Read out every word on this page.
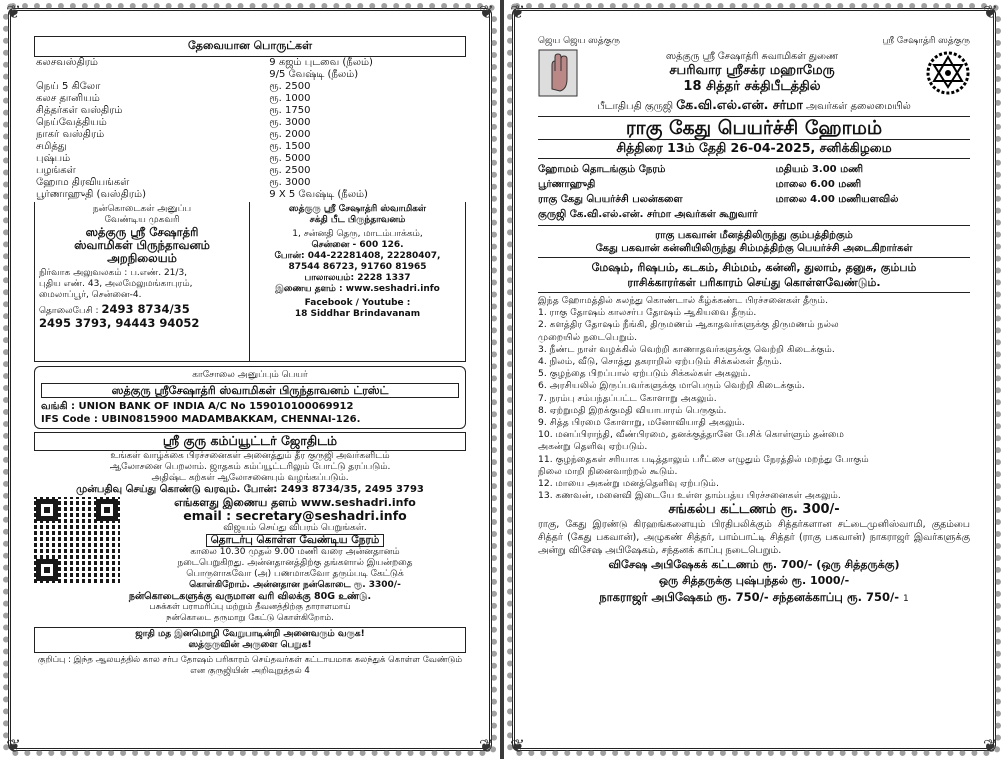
❦	❦
❦	❦
தேவையான பொருட்கள்
கலசவஸ்திரம்	9 கஜம் புடவை (நீலம்)
	9/5 வேஷ்டி (நீலம்)
நெய் 5 கிலோ	ரூ. 2500
கலச தானியம்	ரூ. 1000
சித்தர்கள் வஸ்திரம்	ரூ. 1750
நெய்வேத்தியம்	ரூ. 3000
நாகர் வஸ்திரம்	ரூ. 2000
சமித்து	ரூ. 1500
புஷ்பம்	ரூ. 5000
பழங்கள்	ரூ. 2500
ஹோம திரவியங்கள்	ரூ. 3000
பூர்ணாஹுதி (வஸ்திரம்)	9 X 5 வேஷ்டி (நீலம்)
நன்கொடைகள் அனுப்ப
வேண்டிய முகவரி
ஸத்குரு ஸ்ரீ சேஷாத்ரி
ஸ்வாமிகள் பிருந்தாவனம்
அறநிலையம்
நிர்வாக அலுவலகம் : ப.எண். 21/3,
புதிய எண். 43, அலமேலுமங்காபுரம்,
மைலாப்பூர், சென்னை-4.
தொலைபேசி : 2493 8734/35
2495 3793, 94443 94052
ஸத்குரு ஸ்ரீ சேஷாத்ரி ஸ்வாமிகள்
சக்தி பீட பிருந்தாவனம்
1, சன்னதி தெரு, மாடம்பாக்கம்,
சென்னை - 600 126.
போன்: 044-22281408, 22280407,
87544 86723, 91760 81965
பாலாலயம்: 2228 1337
இணைய தளம் : www.seshadri.info
Facebook / Youtube :
18 Siddhar Brindavanam
காசோலை அனுப்பும் பெயர்
ஸத்குரு ஸ்ரீசேஷாத்ரி ஸ்வாமிகள் பிருந்தாவனம் ட்ரஸ்ட்
வங்கி : UNION BANK OF INDIA A/C No 159010100069912
IFS Code : UBIN0815900 MADAMBAKKAM, CHENNAI-126.
ஸ்ரீ குரு கம்ப்யூட்டர் ஜோதிடம்
உங்கள் வாழ்க்கை பிரச்சனைகள் அனைத்தும் தீர குருஜி அவர்களிடம்
ஆலோசனை பெறலாம். ஜாதகம் கம்ப்யூட்டரிலும் போட்டு தரப்படும்.
அதிஷ்ட கற்கள் ஆலோசனையும் வழங்கப்படும்.
முன்பதிவு செய்து கொண்டு வரவும். போன்: 2493 8734/35, 2495 3793
எங்களது இணைய தளம் www.seshadri.info
email : secretary@seshadri.info
விஜயம் செய்து விபரம் பெறுங்கள்.
தொடர்பு கொள்ள வேண்டிய நேரம்
காலை 10.30 முதல் 9.00 மணி வரை அன்னதானம்
நடைபெறுகிறது. அன்னதானத்திற்கு தங்களால் இயன்றதை
பொருளாகவோ (அ) பணமாகவோ தரும்படி கேட்டுக்
கொள்கிறோம். அன்னதான நன்கொடை ரூ. 3300/-
நன்கொடைகளுக்கு வருமான வரி விலக்கு 80G உண்டு.
பசுக்கள் பராமரிப்பு மற்றும் தீவனத்திற்கு தாராளமாய்
நன்கொடை தருமாறு கேட்டு கொள்கிறோம்.
ஜாதி மத இனமொழி வேறுபாடின்றி அனைவரும் வருக!
ஸத்குருவின் அருளை பெறுக!
குறிப்பு : இந்த ஆலயத்தில் கால சர்ப தோஷம் பரிகாரம் செய்தவர்கள் கட்டாயமாக கலந்துக் கொள்ள வேண்டும் என குருஜியின் அறிவுறுத்தல் 4
❦	❦
❦	❦
ஜெய ஜெய ஸத்குரு	ஸ்ரீ சேஷாத்ரி ஸத்குரு
ஸத்குரு ஸ்ரீ சேஷாத்ரி சுவாமிகள் துணை
சபரிவார ஸ்ரீசக்ர மஹாமேரு
18 சித்தர் சக்திபீடத்தில்
பீடாதிபதி குருஜி கே.வி.எல்.என். சர்மா அவர்கள் தலைமையில்
ராகு கேது பெயர்ச்சி ஹோமம்
சித்திரை 13ம் தேதி 26-04-2025, சனிக்கிழமை
ஹோமம் தொடங்கும் நேரம்	மதியம் 3.00 மணி
பூர்ணாஹுதி	மாலை 6.00 மணி
ராகு கேது பெயர்ச்சி பலன்களை	மாலை 4.00 மணியளவில்
குருஜி கே.வி.எல்.என். சர்மா அவர்கள் கூறுவார்
ராகு பகவான் மீனத்திலிருந்து கும்பத்திற்கும்
கேது பகவான் கன்னியிலிருந்து சிம்மத்திற்கு பெயர்ச்சி அடைகிறார்கள்
மேஷம், ரிஷபம், கடகம், சிம்மம், கன்னி, துலாம், தனுசு, கும்பம்
ராசிக்காரர்கள் பரிகாரம் செய்து கொள்ளவேண்டும்.
இந்த ஹோமத்தில் கலந்து கொண்டால் கீழ்க்கண்ட பிரச்சனைகள் தீரும்.
1. ராகு தோஷம் காலசர்ப தோஷம் ஆகியவை தீரும்.
2. களத்திர தோஷம் நீங்கி, திருமணம் ஆகாதவர்களுக்கு திருமணம் நல்ல
முறையில் நடைபெறும்.
3. நீண்ட நாள் வழக்கில் வெற்றி காணாதவர்களுக்கு வெற்றி கிடைக்கும்.
4. நிலம், வீடு, சொத்து தகராறில் ஏற்படும் சிக்கல்கள் தீரும்.
5. குழந்தை பிறப்பால் ஏற்படும் சிக்கல்கள் அகலும்.
6. அரசியலில் இருப்பவர்களுக்கு மாபெரும் வெற்றி கிடைக்கும்.
7. நரம்பு சம்பந்தப்பட்ட கோளாறு அகலும்.
8. ஏற்றுமதி இறக்குமதி வியாபாரம் பெருகும்.
9. சித்த பிரமை கோளாறு, மனோவியாதி அகலும்.
10. மனப்பிராந்தி, வீண்பிரமை, தனக்குத்தானே பேசிக் கொள்ளும் தன்மை
அகன்று தெளிவு ஏற்படும்.
11. குழந்தைகள் சரியாக படித்தாலும் பரீட்சை எழுதும் நேரத்தில் மறந்து போகும்
நிலை மாறி நினைவாற்றல் கூடும்.
12. மாயை அகன்று மனத்தெளிவு ஏற்படும்.
13. கணவன், மனைவி இடையே உள்ள தாம்பத்ய பிரச்சனைகள் அகலும்.
சங்கல்ப கட்டணம் ரூ. 300/-
ராகு, கேது இரண்டு கிரஹங்களையும் பிரதிபலிக்கும் சித்தர்களான சட்டைமுனிஸ்வாமி, குதம்பை சித்தர் (கேது பகவான்), அழுகண் சித்தர், பாம்பாட்டி சித்தர் (ராகு பகவான்) நாகராஜர் இவர்களுக்கு அன்று விசேஷ அபிஷேகம், சந்தனக் காப்பு நடைபெறும்.
விசேஷ அபிஷேகக் கட்டணம் ரூ. 700/- (ஒரு சித்தருக்கு)
ஒரு சித்தருக்கு புஷ்பந்தல் ரூ. 1000/-
நாகராஜர் அபிஷேகம் ரூ. 750/- சந்தனக்காப்பு ரூ. 750/- 1
